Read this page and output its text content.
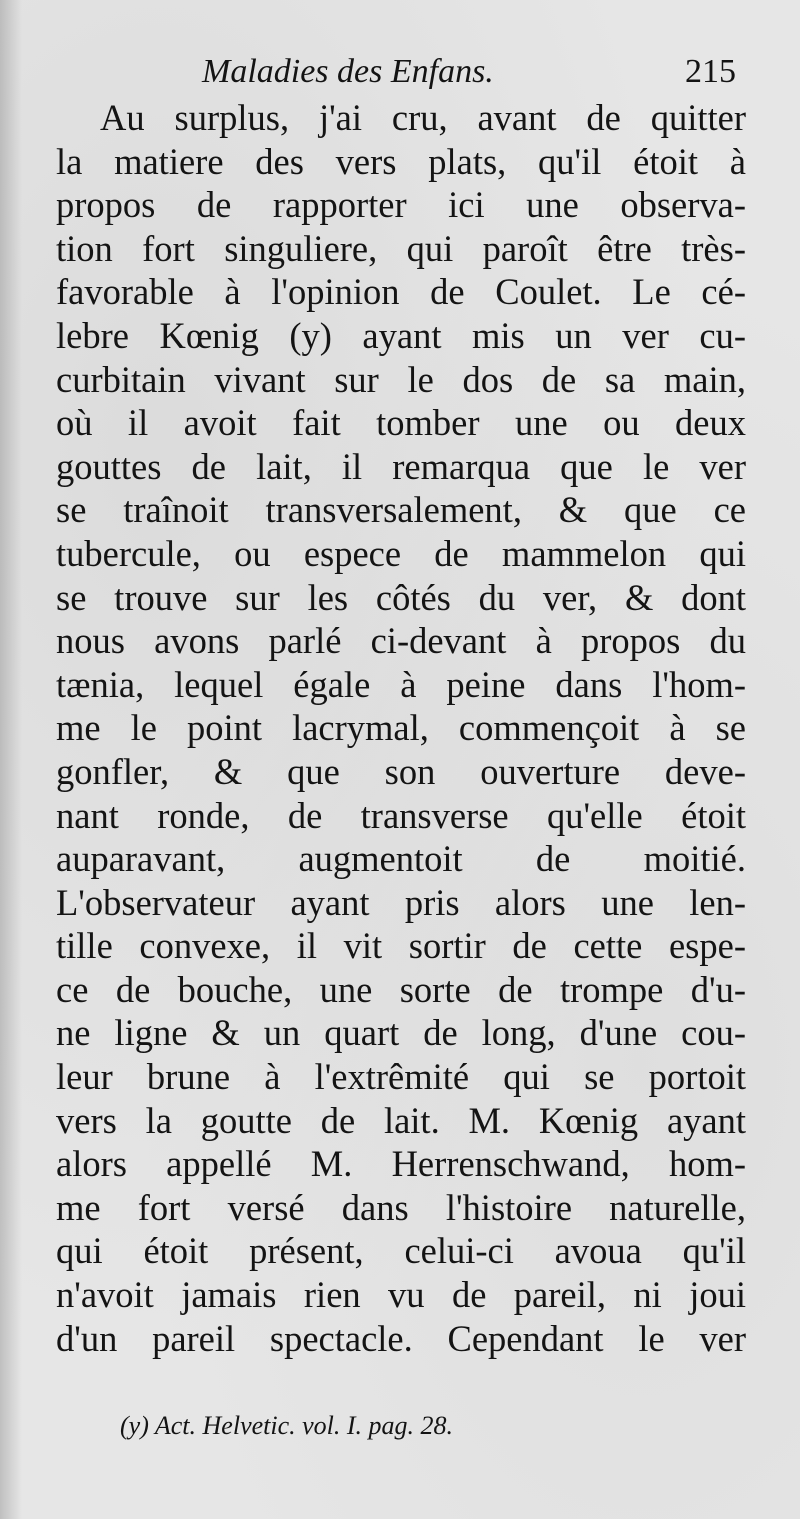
Maladies des Enfans.	215
Au surplus, j'ai cru, avant de quitter
la matiere des vers plats, qu'il étoit à
propos de rapporter ici une observa-
tion fort singuliere, qui paroît être très-
favorable à l'opinion de Coulet. Le cé-
lebre Kœnig (y) ayant mis un ver cu-
curbitain vivant sur le dos de sa main,
où il avoit fait tomber une ou deux
gouttes de lait, il remarqua que le ver
se traînoit transversalement, & que ce
tubercule, ou espece de mammelon qui
se trouve sur les côtés du ver, & dont
nous avons parlé ci-devant à propos du
tænia, lequel égale à peine dans l'hom-
me le point lacrymal, commençoit à se
gonfler, & que son ouverture deve-
nant ronde, de transverse qu'elle étoit
auparavant, augmentoit de moitié.
L'observateur ayant pris alors une len-
tille convexe, il vit sortir de cette espe-
ce de bouche, une sorte de trompe d'u-
ne ligne & un quart de long, d'une cou-
leur brune à l'extrêmité qui se portoit
vers la goutte de lait. M. Kœnig ayant
alors appellé M. Herrenschwand, hom-
me fort versé dans l'histoire naturelle,
qui étoit présent, celui-ci avoua qu'il
n'avoit jamais rien vu de pareil, ni joui
d'un pareil spectacle. Cependant le ver
(y) Act. Helvetic. vol. I. pag. 28.
